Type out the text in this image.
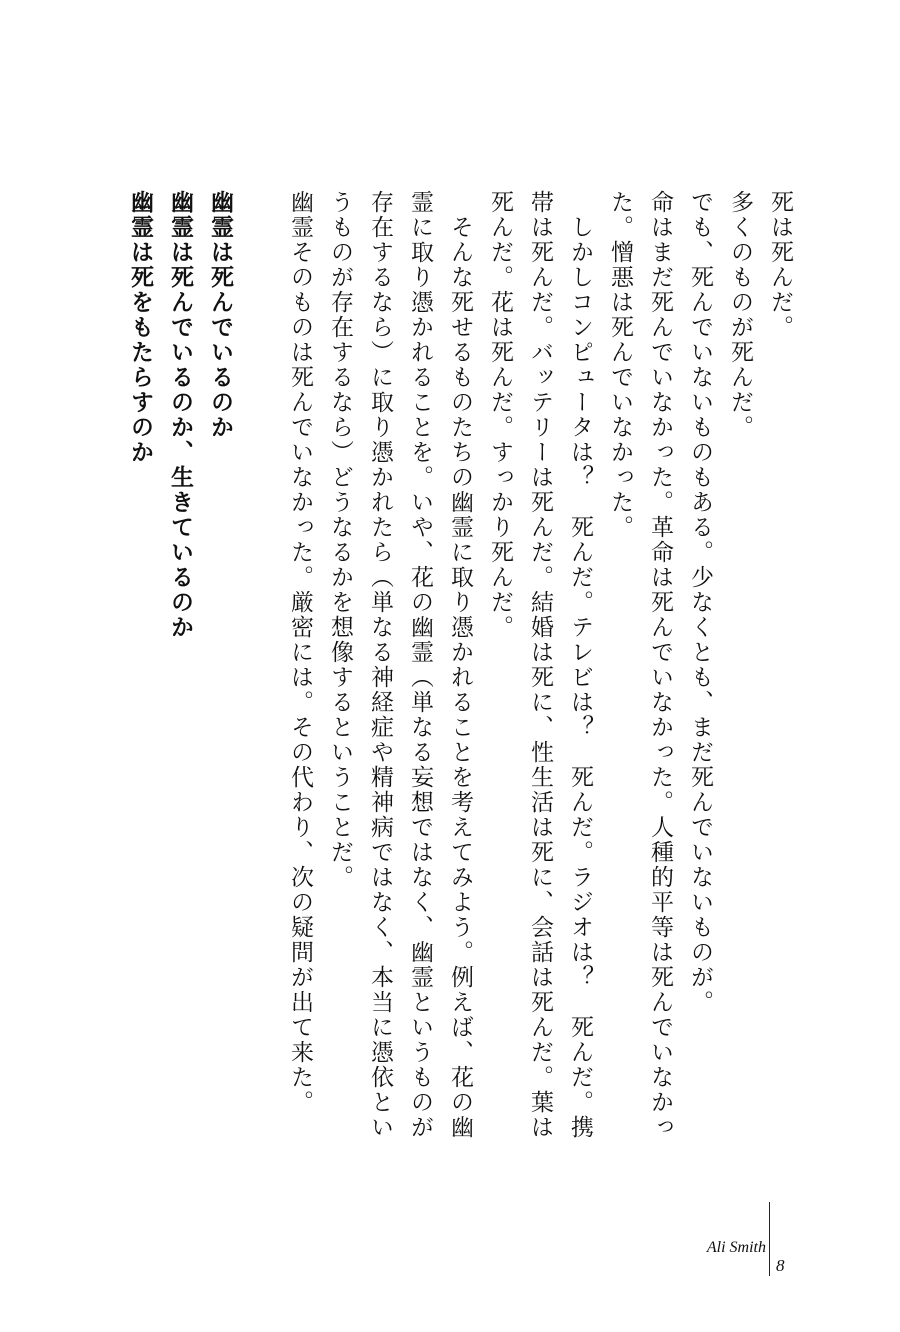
死は死んだ。

多くのものが死んだ。

でも、死んでいないものもある。少なくとも、まだ死んでいないものが。

命はまだ死んでいなかった。革命は死んでいなかった。人種的平等は死んでいなかった。憎悪は死んでいなかった。

　しかしコンピュータは？　死んだ。テレビは？　死んだ。ラジオは？　死んだ。携帯は死んだ。バッテリーは死んだ。結婚は死に、性生活は死に、会話は死んだ。葉は死んだ。花は死んだ。すっかり死んだ。

　そんな死せるものたちの幽霊に取り憑かれることを考えてみよう。例えば、花の幽霊に取り憑かれることを。いや、花の幽霊（単なる妄想ではなく、幽霊というものが存在するなら）に取り憑かれたら（単なる神経症や精神病ではなく、本当に憑依というものが存在するなら）どうなるかを想像するということだ。

幽霊そのものは死んでいなかった。厳密には。その代わり、次の疑問が出て来た。

幽霊は死んでいるのか

幽霊は死んでいるのか、生きているのか

幽霊は死をもたらすのか

Ali Smith
8
